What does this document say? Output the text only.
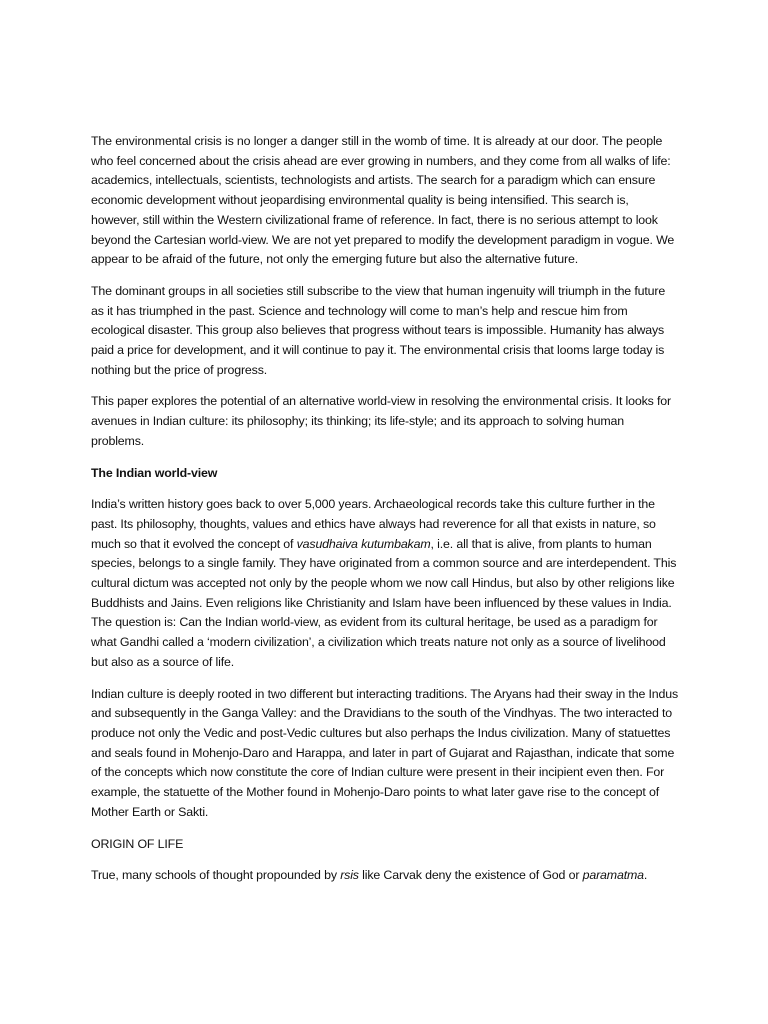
The environmental crisis is no longer a danger still in the womb of time. It is already at our door. The people who feel concerned about the crisis ahead are ever growing in numbers, and they come from all walks of life: academics, intellectuals, scientists, technologists and artists. The search for a paradigm which can ensure economic development without jeopardising environmental quality is being intensified. This search is, however, still within the Western civilizational frame of reference. In fact, there is no serious attempt to look beyond the Cartesian world-view. We are not yet prepared to modify the development paradigm in vogue. We appear to be afraid of the future, not only the emerging future but also the alternative future.

The dominant groups in all societies still subscribe to the view that human ingenuity will triumph in the future as it has triumphed in the past. Science and technology will come to man’s help and rescue him from ecological disaster. This group also believes that progress without tears is impossible. Humanity has always paid a price for development, and it will continue to pay it. The environmental crisis that looms large today is nothing but the price of progress.

This paper explores the potential of an alternative world-view in resolving the environmental crisis. It looks for avenues in Indian culture: its philosophy; its thinking; its life-style; and its approach to solving human problems.

The Indian world-view

India’s written history goes back to over 5,000 years. Archaeological records take this culture further in the past. Its philosophy, thoughts, values and ethics have always had reverence for all that exists in nature, so much so that it evolved the concept of vasudhaiva kutumbakam, i.e. all that is alive, from plants to human species, belongs to a single family. They have originated from a common source and are interdependent. This cultural dictum was accepted not only by the people whom we now call Hindus, but also by other religions like Buddhists and Jains. Even religions like Christianity and Islam have been influenced by these values in India. The question is: Can the Indian world-view, as evident from its cultural heritage, be used as a paradigm for what Gandhi called a ‘modern civilization’, a civilization which treats nature not only as a source of livelihood but also as a source of life.

Indian culture is deeply rooted in two different but interacting traditions. The Aryans had their sway in the Indus and subsequently in the Ganga Valley: and the Dravidians to the south of the Vindhyas. The two interacted to produce not only the Vedic and post-Vedic cultures but also perhaps the Indus civilization. Many of statuettes and seals found in Mohenjo-Daro and Harappa, and later in part of Gujarat and Rajasthan, indicate that some of the concepts which now constitute the core of Indian culture were present in their incipient even then. For example, the statuette of the Mother found in Mohenjo-Daro points to what later gave rise to the concept of Mother Earth or Sakti.

ORIGIN OF LIFE

True, many schools of thought propounded by rsis like Carvak deny the existence of God or paramatma.
